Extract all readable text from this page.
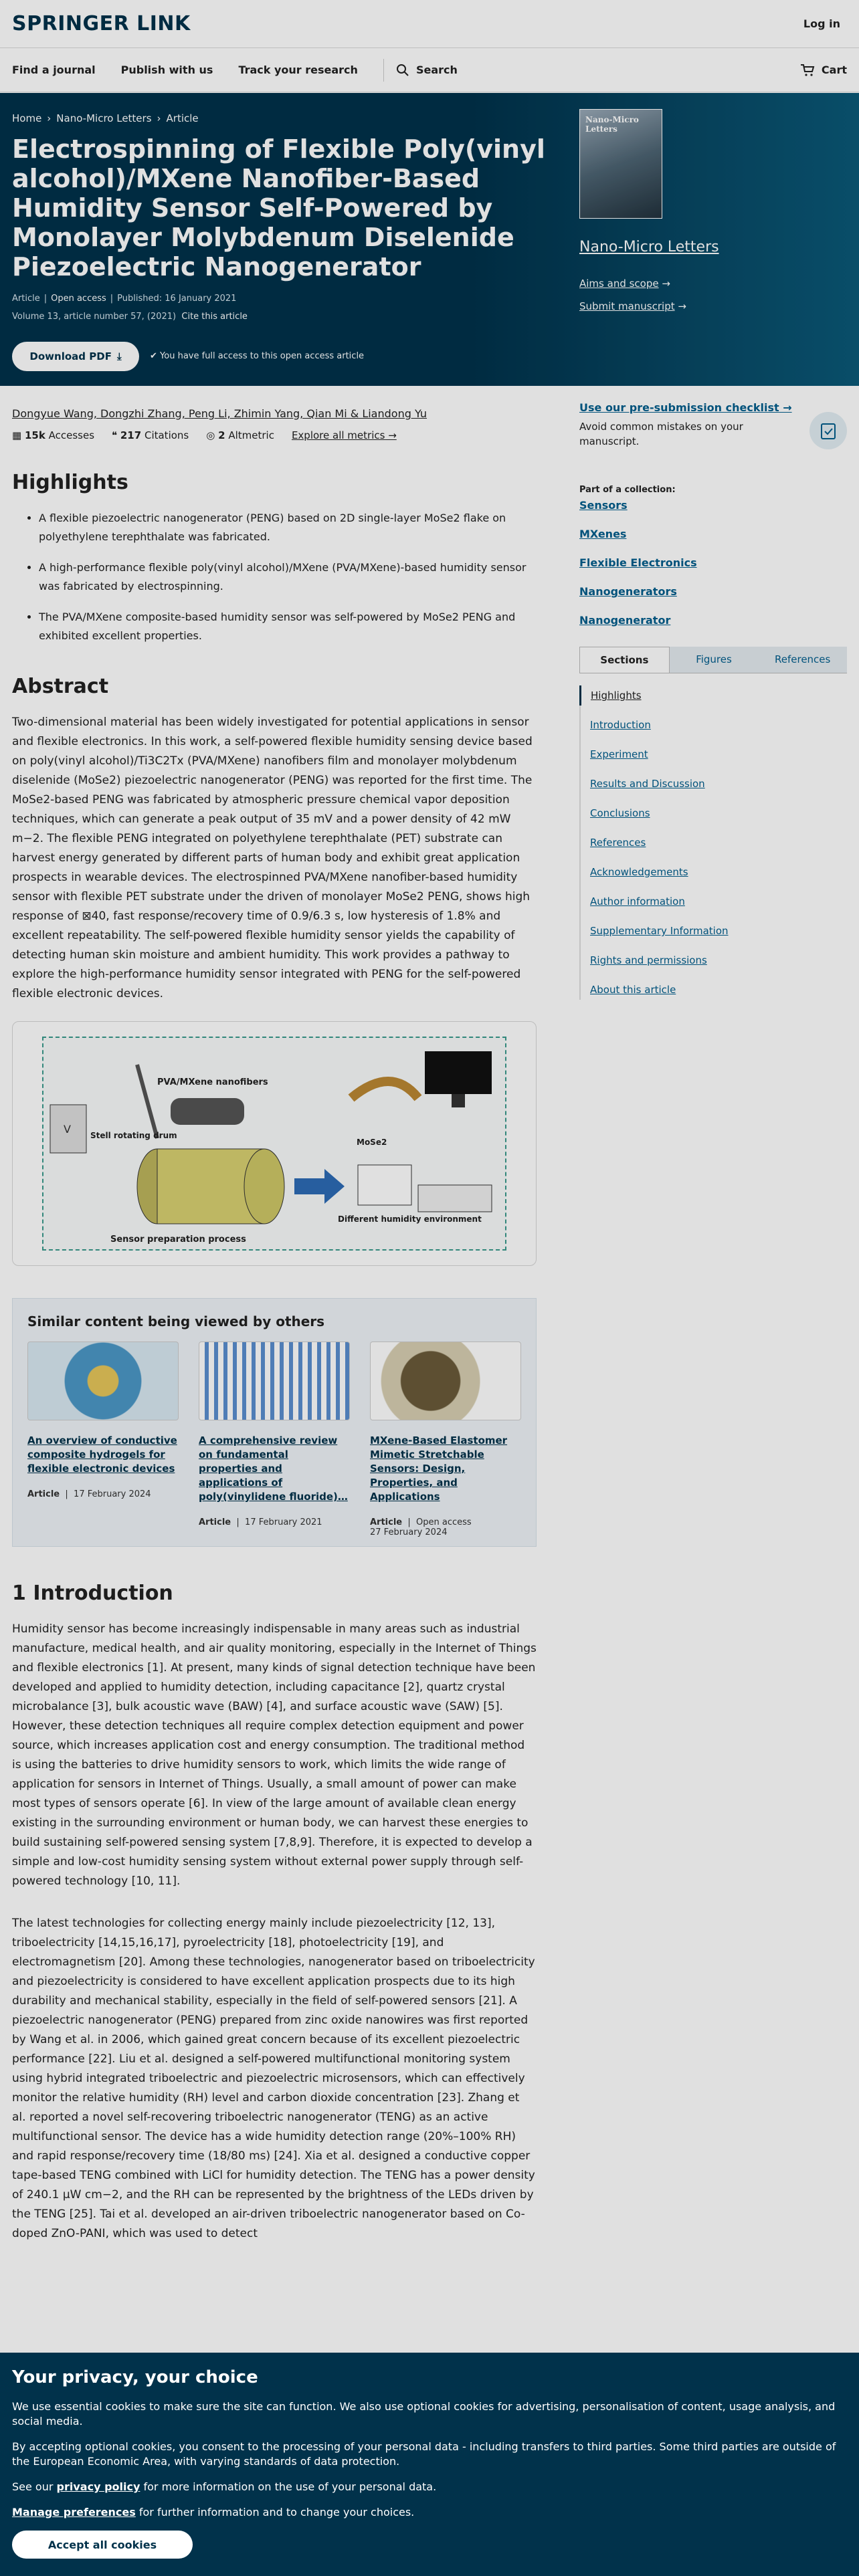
SPRINGER LINK	Log in
Find a journal Publish with us Track your research	Search	Cart
Home › Nano-Micro Letters › Article
Electrospinning of Flexible Poly(vinyl alcohol)/MXene Nanofiber-Based Humidity Sensor Self-Powered by Monolayer Molybdenum Diselenide Piezoelectric Nanogenerator
Article | Open access | Published: 16 January 2021
Volume 13, article number 57, (2021) Cite this article
Download PDF ⤓	✔ You have full access to this open access article
Nano-Micro Letters
Nano-Micro Letters
Aims and scope →
Submit manuscript →
Dongyue Wang, Dongzhi Zhang, Peng Li, Zhimin Yang, Qian Mi & Liandong Yu
▦ 15k Accesses ❝ 217 Citations ◎ 2 Altmetric Explore all metrics →
Highlights
• A flexible piezoelectric nanogenerator (PENG) based on 2D single-layer MoSe2 flake on polyethylene terephthalate was fabricated.
• A high-performance flexible poly(vinyl alcohol)/MXene (PVA/MXene)-based humidity sensor was fabricated by electrospinning.
• The PVA/MXene composite-based humidity sensor was self-powered by MoSe2 PENG and exhibited excellent properties.
Abstract

Two-dimensional material has been widely investigated for potential applications in sensor and flexible electronics. In this work, a self-powered flexible humidity sensing device based on poly(vinyl alcohol)/Ti3C2Tx (PVA/MXene) nanofibers film and monolayer molybdenum diselenide (MoSe2) piezoelectric nanogenerator (PENG) was reported for the first time. The MoSe2-based PENG was fabricated by atmospheric pressure chemical vapor deposition techniques, which can generate a peak output of 35 mV and a power density of 42 mW m−2. The flexible PENG integrated on polyethylene terephthalate (PET) substrate can harvest energy generated by different parts of human body and exhibit great application prospects in wearable devices. The electrospinned PVA/MXene nanofiber-based humidity sensor with flexible PET substrate under the driven of monolayer MoSe2 PENG, shows high response of ⊠40, fast response/recovery time of 0.9/6.3 s, low hysteresis of 1.8% and excellent repeatability. The self-powered flexible humidity sensor yields the capability of detecting human skin moisture and ambient humidity. This work provides a pathway to explore the high-performance humidity sensor integrated with PENG for the self-powered flexible electronic devices.

V
PVA/MXene nanofibers
Stell rotating drum
MoSe2
Different humidity environment
Sensor preparation process
Similar content being viewed by others
An overview of conductive composite hydrogels for flexible electronic devices
Article  |  17 February 2024
A comprehensive review on fundamental properties and applications of poly(vinylidene fluoride)…
Article  |  17 February 2021
MXene-Based Elastomer Mimetic Stretchable Sensors: Design, Properties, and Applications
Article  |  Open access
27 February 2024
1 Introduction

Humidity sensor has become increasingly indispensable in many areas such as industrial manufacture, medical health, and air quality monitoring, especially in the Internet of Things and flexible electronics [1]. At present, many kinds of signal detection technique have been developed and applied to humidity detection, including capacitance [2], quartz crystal microbalance [3], bulk acoustic wave (BAW) [4], and surface acoustic wave (SAW) [5]. However, these detection techniques all require complex detection equipment and power source, which increases application cost and energy consumption. The traditional method is using the batteries to drive humidity sensors to work, which limits the wide range of application for sensors in Internet of Things. Usually, a small amount of power can make most types of sensors operate [6]. In view of the large amount of available clean energy existing in the surrounding environment or human body, we can harvest these energies to build sustaining self-powered sensing system [7,8,9]. Therefore, it is expected to develop a simple and low-cost humidity sensing system without external power supply through self-powered technology [10, 11].

The latest technologies for collecting energy mainly include piezoelectricity [12, 13], triboelectricity [14,15,16,17], pyroelectricity [18], photoelectricity [19], and electromagnetism [20]. Among these technologies, nanogenerator based on triboelectricity and piezoelectricity is considered to have excellent application prospects due to its high durability and mechanical stability, especially in the field of self-powered sensors [21]. A piezoelectric nanogenerator (PENG) prepared from zinc oxide nanowires was first reported by Wang et al. in 2006, which gained great concern because of its excellent piezoelectric performance [22]. Liu et al. designed a self-powered multifunctional monitoring system using hybrid integrated triboelectric and piezoelectric microsensors, which can effectively monitor the relative humidity (RH) level and carbon dioxide concentration [23]. Zhang et al. reported a novel self-recovering triboelectric nanogenerator (TENG) as an active multifunctional sensor. The device has a wide humidity detection range (20%–100% RH) and rapid response/recovery time (18/80 ms) [24]. Xia et al. designed a conductive copper tape-based TENG combined with LiCl for humidity detection. The TENG has a power density of 240.1 μW cm−2, and the RH can be represented by the brightness of the LEDs driven by the TENG [25]. Tai et al. developed an air-driven triboelectric nanogenerator based on Co-doped ZnO-PANI, which was used to detect

Use our pre-submission checklist →
Avoid common mistakes on your manuscript.
Part of a collection:
Sensors
MXenes
Flexible Electronics
Nanogenerators
Nanogenerator
Sections	Figures	References
Highlights
Introduction
Experiment
Results and Discussion
Conclusions
References
Acknowledgements
Author information
Supplementary Information
Rights and permissions
About this article
Your privacy, your choice

We use essential cookies to make sure the site can function. We also use optional cookies for advertising, personalisation of content, usage analysis, and social media.

By accepting optional cookies, you consent to the processing of your personal data - including transfers to third parties. Some third parties are outside of the European Economic Area, with varying standards of data protection.

See our privacy policy for more information on the use of your personal data.

Manage preferences for further information and to change your choices.

Accept all cookies
